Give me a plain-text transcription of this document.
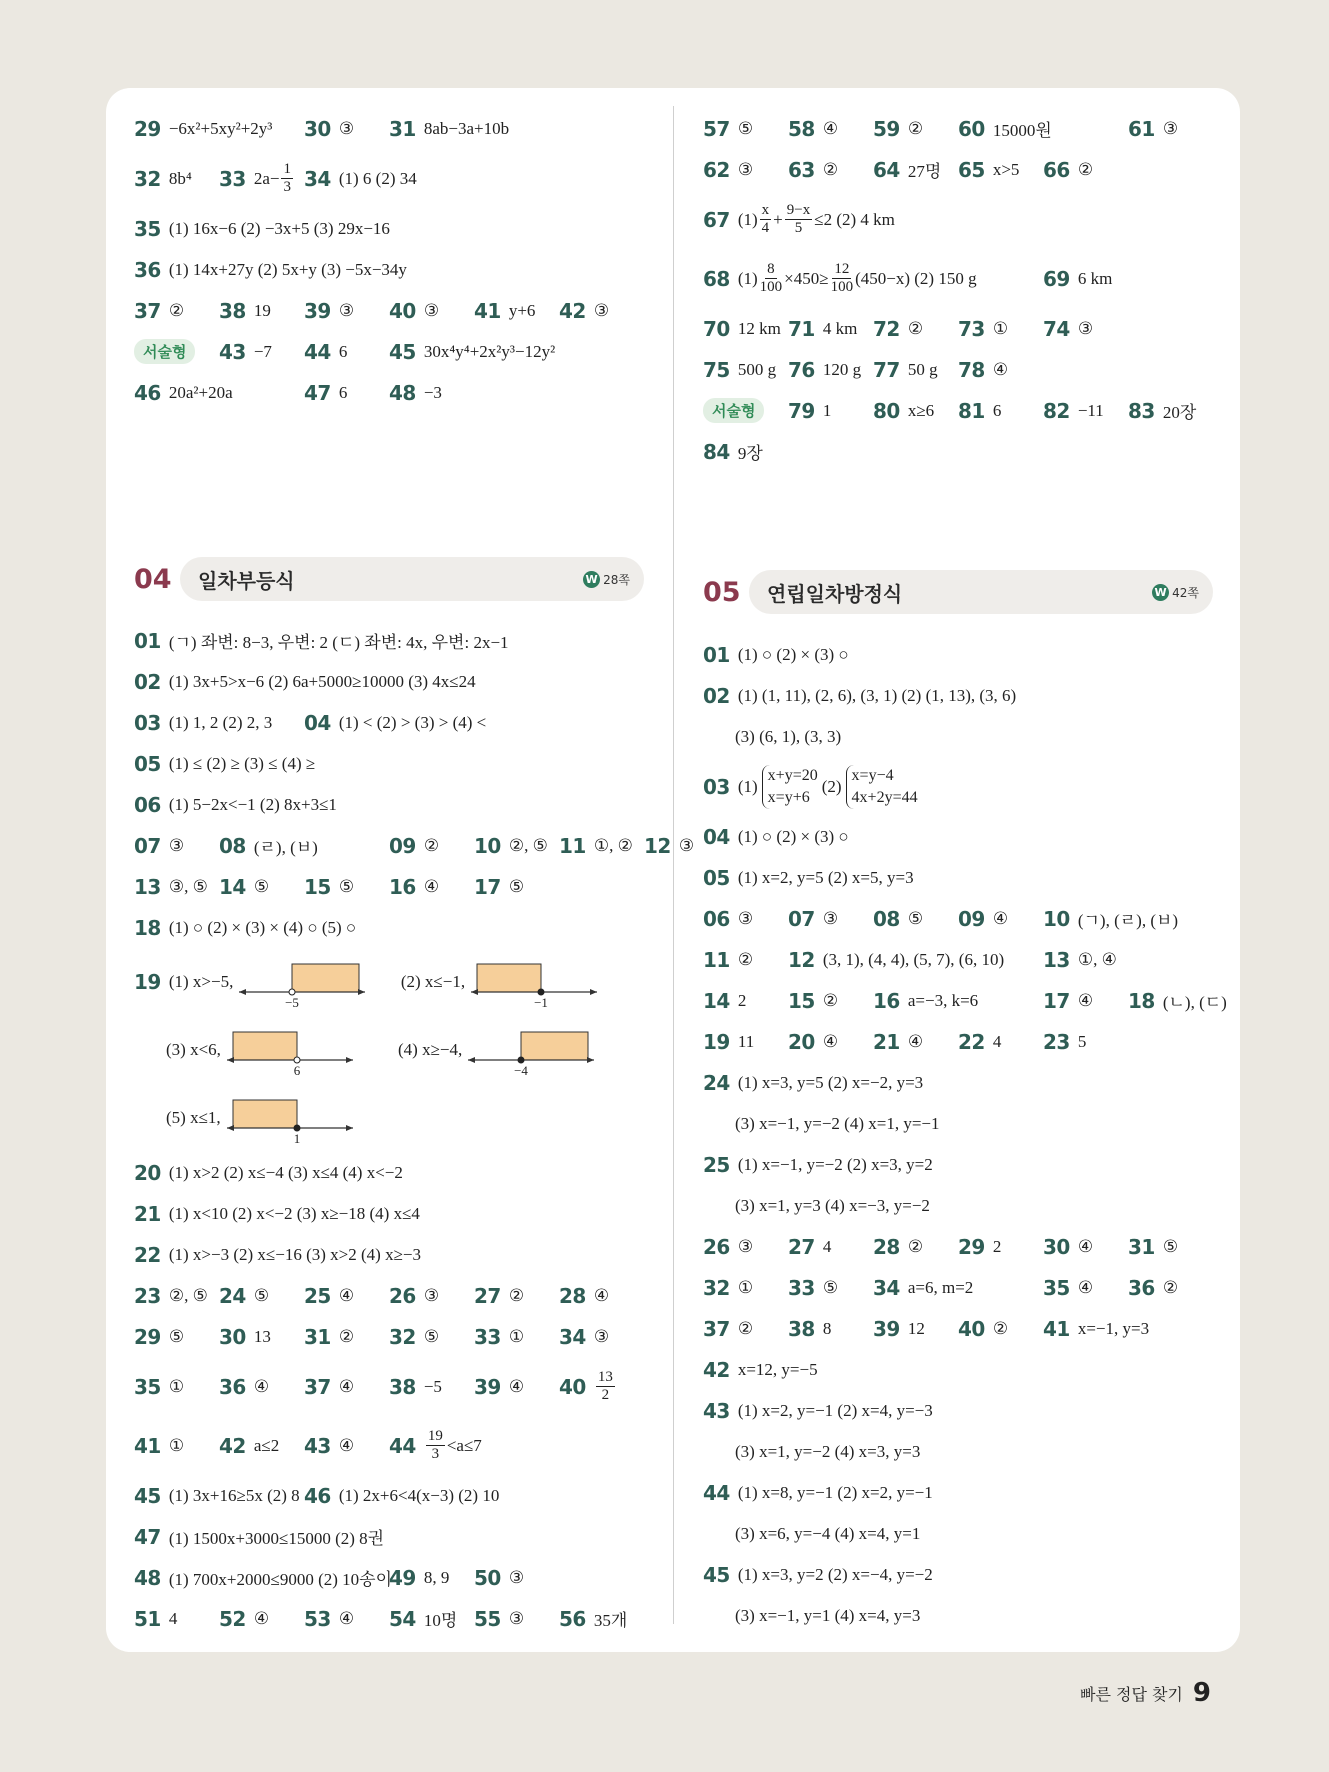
29 −6x²+5xy²+2y³ 30 ③ 31 8ab−3a+10b
32 8b⁴ 33 $2a- \frac{1}{3} 34$ (1) 6 (2) 34
35 (1) 16x−6 (2) −3x+5 (3) 29x−16
36 (1) 14x+27y (2) 5x+y (3) −5x−34y
37 ② 38 19 39 ③ 40 ③ 41 y+6 42 ③
서술형	43 −7 44 6 45 30x⁴y⁴+2x²y³−12y²
46 20a²+20a	47 6 48 −3
57 ⑤ 58 ④ 59 ② 60 15000원	61 ③
62 ③ 63 ② 64 27명 65 x>5 66 ②
67 $(1) \frac{x}{4} + \frac{9-x}{5} \le 2$ (2) 4 km
68 $(1) \frac{8}{100} \times 450\ge \frac{12}{100} (450-x)$ (2) 150 g	69 6 km
70 12 km 71 4 km 72 ② 73 ① 74 ③
75 500 g 76 120 g 77 50 g 78 ④
서술형	79 1 80 x≥6 81 6 82 −11 83 20장
84 9장
04	일차부등식	W 28쪽
01 (ㄱ) 좌변: 8−3, 우변: 2 (ㄷ) 좌변: 4x, 우변: 2x−1
02 (1) 3x+5>x−6 (2) 6a+5000≥10000 (3) 4x≤24
03 (1) 1, 2 (2) 2, 3 04 (1) < (2) > (3) > (4) <
05 (1) ≤ (2) ≥ (3) ≤ (4) ≥
06 (1) 5−2x<−1 (2) 8x+3≤1
07 ③ 08 (ㄹ), (ㅂ)	09 ② 10 ②, ⑤ 11 ①, ② 12 ③
13 ③, ⑤ 14 ⑤ 15 ⑤ 16 ④ 17 ⑤
18 (1) ○ (2) × (3) × (4) ○ (5) ○
19 (1) x>−5,
−5
(2) x≤−1,
−1
(3) x<6,
6
(4) x≥−4,
−4
(5) x≤1,
1
20 (1) x>2 (2) x≤−4 (3) x≤4 (4) x<−2
21 (1) x<10 (2) x<−2 (3) x≥−18 (4) x≤4
22 (1) x>−3 (2) x≤−16 (3) x>2 (4) x≥−3
23 ②, ⑤ 24 ⑤ 25 ④ 26 ③ 27 ② 28 ④
29 ⑤ 30 13 31 ② 32 ⑤ 33 ① 34 ③
35 ① 36 ④ 37 ④ 38 −5 39 ④ $40 \frac{13}{2}$
41 ① 42 a≤2 43 ④ $44 \frac{19}{3} <a\le 7$
45 (1) 3x+16≥5x (2) 8 46 (1) 2x+6<4(x−3) (2) 10
47 (1) 1500x+3000≤15000 (2) 8권
48 (1) 700x+2000≤9000 (2) 10송이
49 8, 9 50 ③
51 4 52 ④ 53 ④ 54 10명 55 ③ 56 35개
05	연립일차방정식	W 42쪽
01 (1) ○ (2) × (3) ○
02 (1) (1, 11), (2, 6), (3, 1) (2) (1, 13), (3, 6)
(3) (6, 1), (3, 3)
03 (1)
x+y=20
x=y+6
(2)
x=y−4
4x+2y=44
04 (1) ○ (2) × (3) ○
05 (1) x=2, y=5 (2) x=5, y=3
06 ③ 07 ③ 08 ⑤ 09 ④ 10 (ㄱ), (ㄹ), (ㅂ)
11 ② 12 (3, 1), (4, 4), (5, 7), (6, 10) 13 ①, ④
14 2 15 ② 16 a=−3, k=6	17 ④ 18 (ㄴ), (ㄷ)
19 11 20 ④ 21 ④ 22 4 23 5
24 (1) x=3, y=5 (2) x=−2, y=3
(3) x=−1, y=−2 (4) x=1, y=−1
25 (1) x=−1, y=−2 (2) x=3, y=2
(3) x=1, y=3 (4) x=−3, y=−2
26 ③ 27 4 28 ② 29 2 30 ④ 31 ⑤
32 ① 33 ⑤ 34 a=6, m=2	35 ④ 36 ②
37 ② 38 8 39 12 40 ② 41 x=−1, y=3
42 x=12, y=−5
43 (1) x=2, y=−1 (2) x=4, y=−3
(3) x=1, y=−2 (4) x=3, y=3
44 (1) x=8, y=−1 (2) x=2, y=−1
(3) x=6, y=−4 (4) x=4, y=1
45 (1) x=3, y=2 (2) x=−4, y=−2
(3) x=−1, y=1 (4) x=4, y=3
빠른 정답 찾기 9
